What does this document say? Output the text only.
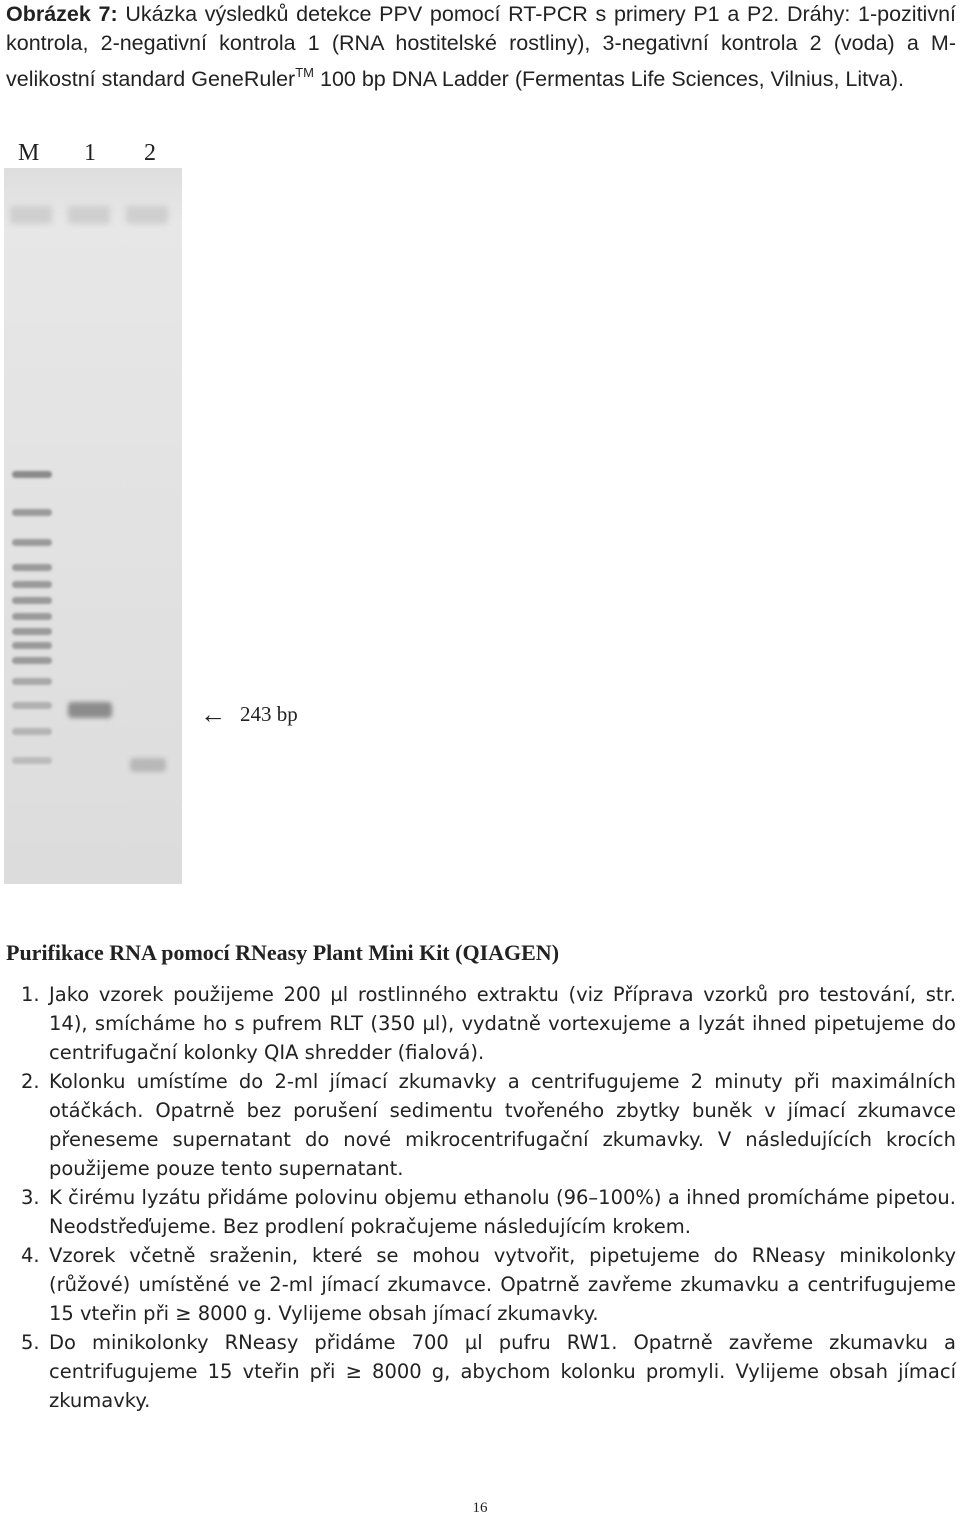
Obrázek 7: Ukázka výsledků detekce PPV pomocí RT-PCR s primery P1 a P2. Dráhy: 1-pozitivní kontrola, 2-negativní kontrola 1 (RNA hostitelské rostliny), 3-negativní kontrola 2 (voda) a M-velikostní standard GeneRuler™ 100 bp DNA Ladder (Fermentas Life Sciences, Vilnius, Litva).
M 1 2
← 243 bp
Purifikace RNA pomocí RNeasy Plant Mini Kit (QIAGEN)
1. Jako vzorek použijeme 200 µl rostlinného extraktu (viz Příprava vzorků pro testování, str. 14), smícháme ho s pufrem RLT (350 µl), vydatně vortexujeme a lyzát ihned pipetujeme do centrifugační kolonky QIA shredder (fialová).
2. Kolonku umístíme do 2-ml jímací zkumavky a centrifugujeme 2 minuty při maximálních otáčkách. Opatrně bez porušení sedimentu tvořeného zbytky buněk v jímací zkumavce přeneseme supernatant do nové mikrocentrifugační zkumavky. V následujících krocích použijeme pouze tento supernatant.
3. K čirému lyzátu přidáme polovinu objemu ethanolu (96–100%) a ihned promícháme pipetou. Neodstřeďujeme. Bez prodlení pokračujeme následujícím krokem.
4. Vzorek včetně sraženin, které se mohou vytvořit, pipetujeme do RNeasy minikolonky (růžové) umístěné ve 2-ml jímací zkumavce. Opatrně zavřeme zkumavku a centrifugujeme 15 vteřin při ≥ 8000 g. Vylijeme obsah jímací zkumavky.
5. Do minikolonky RNeasy přidáme 700 µl pufru RW1. Opatrně zavřeme zkumavku a centrifugujeme 15 vteřin při ≥ 8000 g, abychom kolonku promyli. Vylijeme obsah jímací zkumavky.
16
